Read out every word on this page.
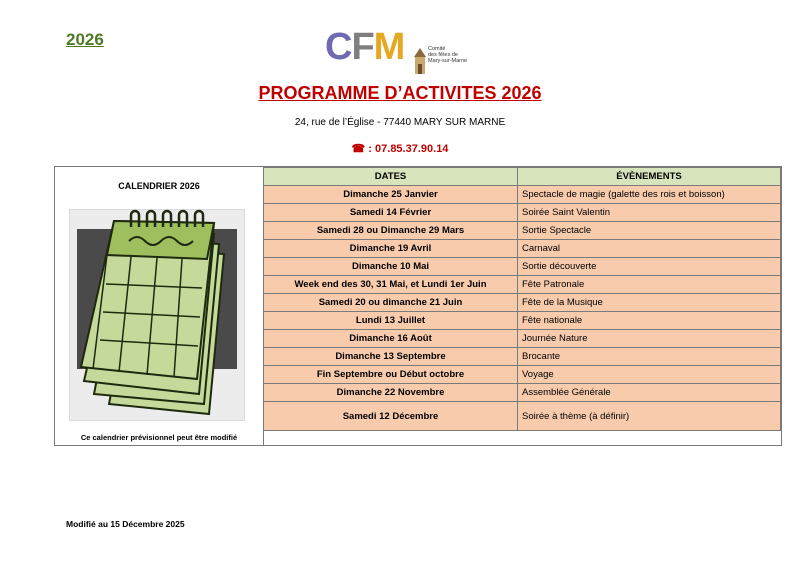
2026	CFM	Comité
des fêtes de
Mary-sur-Marne
PROGRAMME D’ACTIVITES 2026
24, rue de l’Église - 77440 MARY SUR MARNE
☎ : 07.85.37.90.14
CALENDRIER 2026
Ce calendrier prévisionnel peut être modifié
DATES	ÉVÈNEMENTS
Dimanche 25 Janvier	Spectacle de magie (galette des rois et boisson)
Samedi 14 Février	Soirée Saint Valentin
Samedi 28 ou Dimanche 29 Mars	Sortie Spectacle
Dimanche 19 Avril	Carnaval
Dimanche 10 Mai	Sortie découverte
Week end des 30, 31 Mai, et Lundi 1er Juin	Fête Patronale
Samedi 20 ou dimanche 21 Juin	Fête de la Musique
Lundi 13 Juillet	Fête nationale
Dimanche 16 Août	Journée Nature
Dimanche 13 Septembre	Brocante
Fin Septembre ou Début octobre	Voyage
Dimanche 22 Novembre	Assemblée Générale
Samedi 12 Décembre	Soirée à thème (à définir)
Modifié au 15 Décembre 2025
